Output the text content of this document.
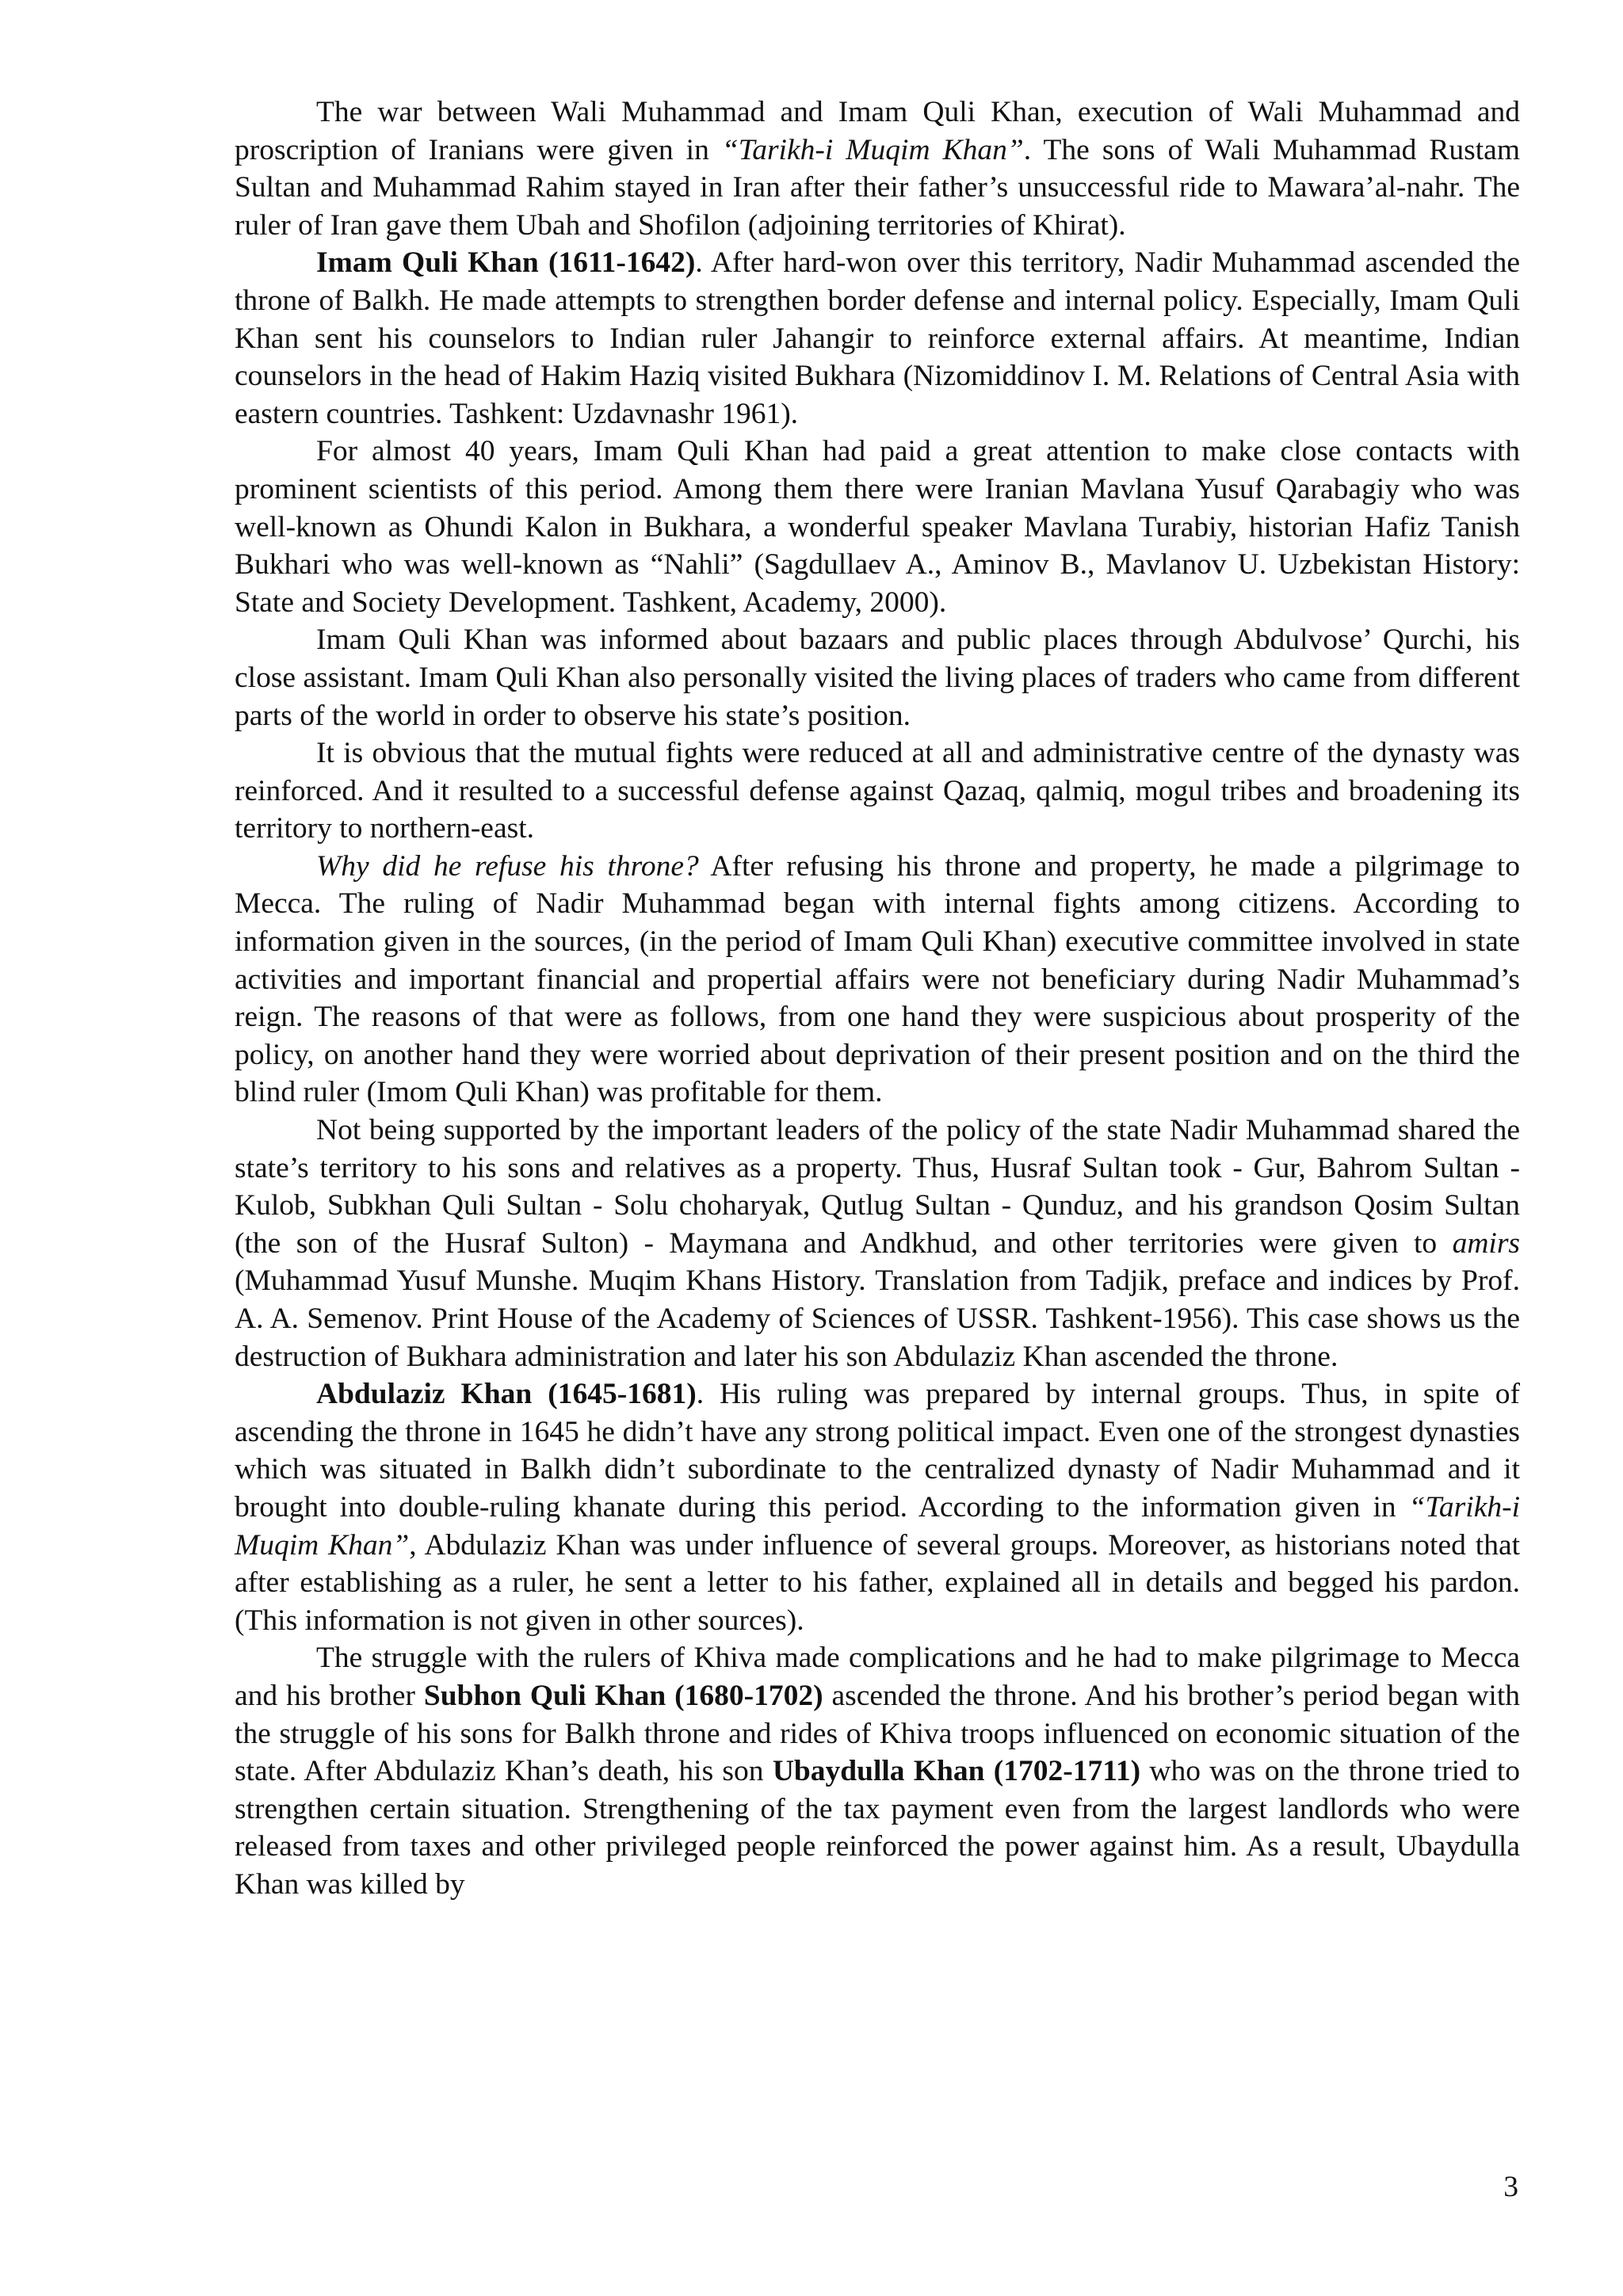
The war between Wali Muhammad and Imam Quli Khan, execution of Wali Muhammad and proscription of Iranians were given in “Tarikh-i Muqim Khan”. The sons of Wali Muhammad Rustam Sultan and Muhammad Rahim stayed in Iran after their father’s unsuccessful ride to Mawara’al-nahr. The ruler of Iran gave them Ubah and Shofilon (adjoining territories of Khirat).

Imam Quli Khan (1611-1642). After hard-won over this territory, Nadir Muhammad ascended the throne of Balkh. He made attempts to strengthen border defense and internal policy. Especially, Imam Quli Khan sent his counselors to Indian ruler Jahangir to reinforce external affairs. At meantime, Indian counselors in the head of Hakim Haziq visited Bukhara (Nizomiddinov I. M. Relations of Central Asia with eastern countries. Tashkent: Uzdavnashr 1961).

For almost 40 years, Imam Quli Khan had paid a great attention to make close contacts with prominent scientists of this period. Among them there were Iranian Mavlana Yusuf Qarabagiy who was well-known as Ohundi Kalon in Bukhara, a wonderful speaker Mavlana Turabiy, historian Hafiz Tanish Bukhari who was well-known as “Nahli” (Sagdullaev A., Aminov B., Mavlanov U. Uzbekistan History: State and Society Development. Tashkent, Academy, 2000).

Imam Quli Khan was informed about bazaars and public places through Abdulvose’ Qurchi, his close assistant. Imam Quli Khan also personally visited the living places of traders who came from different parts of the world in order to observe his state’s position.

It is obvious that the mutual fights were reduced at all and administrative centre of the dynasty was reinforced. And it resulted to a successful defense against Qazaq, qalmiq, mogul tribes and broadening its territory to northern-east.

Why did he refuse his throne? After refusing his throne and property, he made a pilgrimage to Mecca. The ruling of Nadir Muhammad began with internal fights among citizens. According to information given in the sources, (in the period of Imam Quli Khan) executive committee involved in state activities and important financial and propertial affairs were not beneficiary during Nadir Muhammad’s reign. The reasons of that were as follows, from one hand they were suspicious about prosperity of the policy, on another hand they were worried about deprivation of their present position and on the third the blind ruler (Imom Quli Khan) was profitable for them.

Not being supported by the important leaders of the policy of the state Nadir Muhammad shared the state’s territory to his sons and relatives as a property. Thus, Husraf Sultan took - Gur, Bahrom Sultan - Kulob, Subkhan Quli Sultan - Solu choharyak, Qutlug Sultan - Qunduz, and his grandson Qosim Sultan (the son of the Husraf Sulton) - Maymana and Andkhud, and other territories were given to amirs (Muhammad Yusuf Munshe. Muqim Khans History. Translation from Tadjik, preface and indices by Prof. A. A. Semenov. Print House of the Academy of Sciences of USSR. Tashkent-1956). This case shows us the destruction of Bukhara administration and later his son Abdulaziz Khan ascended the throne.

Abdulaziz Khan (1645-1681). His ruling was prepared by internal groups. Thus, in spite of ascending the throne in 1645 he didn’t have any strong political impact. Even one of the strongest dynasties which was situated in Balkh didn’t subordinate to the centralized dynasty of Nadir Muhammad and it brought into double-ruling khanate during this period. According to the information given in “Tarikh-i Muqim Khan”, Abdulaziz Khan was under influence of several groups. Moreover, as historians noted that after establishing as a ruler, he sent a letter to his father, explained all in details and begged his pardon. (This information is not given in other sources).

The struggle with the rulers of Khiva made complications and he had to make pilgrimage to Mecca and his brother Subhon Quli Khan (1680-1702) ascended the throne. And his brother’s period began with the struggle of his sons for Balkh throne and rides of Khiva troops influenced on economic situation of the state. After Abdulaziz Khan’s death, his son Ubaydulla Khan (1702-1711) who was on the throne tried to strengthen certain situation. Strengthening of the tax payment even from the largest landlords who were released from taxes and other privileged people reinforced the power against him. As a result, Ubaydulla Khan was killed by

3
